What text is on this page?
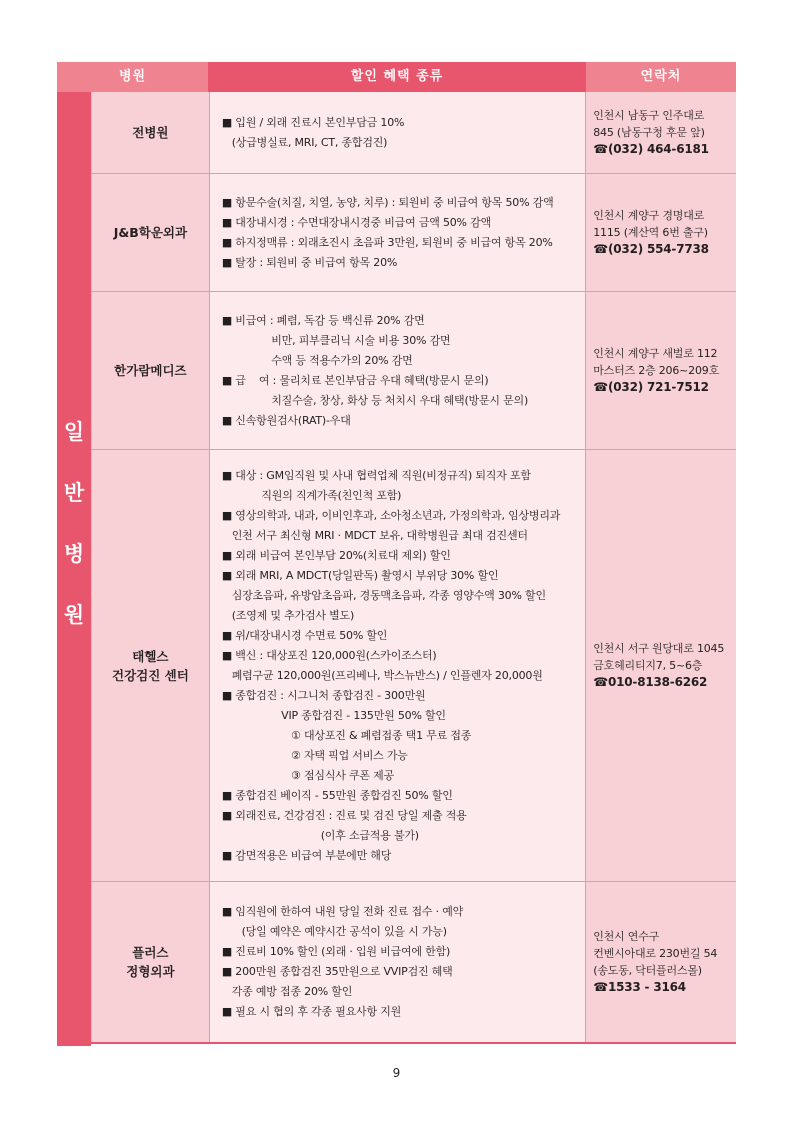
병원	할인 혜택 종류	연락처
일
반
병
원
전병원
■ 입원 / 외래 진료시 본인부담금 10%
(상급병실료, MRI, CT, 종합검진)
인천시 남동구 인주대로
845 (남동구청 후문 앞)
☎(032) 464-6181
J&B학운외과
■ 항문수술(치질, 치열, 농양, 치루) : 퇴원비 중 비급여 항목 50% 감액
■ 대장내시경 : 수면대장내시경중 비급여 금액 50% 감액
■ 하지정맥류 : 외래초진시 초음파 3만원, 퇴원비 중 비급여 항목 20%
■ 탈장 : 퇴원비 중 비급여 항목 20%
인천시 계양구 경명대로
1115 (계산역 6번 출구)
☎(032) 554-7738
한가람메디즈
■ 비급여 : 폐렴, 독감 등 백신류 20% 감면
비만, 피부클리닉 시술 비용 30% 감면
수액 등 적용수가의 20% 감면
■ 급    여 : 물리치료 본인부담금 우대 혜택(방문시 문의)
치질수술, 창상, 화상 등 처치시 우대 혜택(방문시 문의)
■ 신속항원검사(RAT)-우대
인천시 계양구 새벌로 112
마스터즈 2층 206~209호
☎(032) 721-7512
태헬스
건강검진 센터
■ 대상 : GM임직원 및 사내 협력업체 직원(비정규직) 퇴직자 포함
직원의 직계가족(친인척 포함)
■ 영상의학과, 내과, 이비인후과, 소아청소년과, 가정의학과, 임상병리과
인천 서구 최신형 MRI · MDCT 보유, 대학병원급 최대 검진센터
■ 외래 비급여 본인부담 20%(치료대 제외) 할인
■ 외래 MRI, A MDCT(당일판독) 촬영시 부위당 30% 할인
심장초음파, 유방암초음파, 경동맥초음파, 각종 영양수액 30% 할인
(조영제 및 추가검사 별도)
■ 위/대장내시경 수면료 50% 할인
■ 백신 : 대상포진 120,000원(스카이조스터)
폐렴구균 120,000원(프리베나, 박스뉴반스) / 인플렌자 20,000원
■ 종합검진 : 시그니처 종합검진 - 300만원
VIP 종합검진 - 135만원 50% 할인
① 대상포진 & 폐렴접종 택1 무료 접종
② 자택 픽업 서비스 가능
③ 점심식사 쿠폰 제공
■ 종합검진 베이직 - 55만원 종합검진 50% 할인
■ 외래진료, 건강검진 : 진료 및 검진 당일 제출 적용
(이후 소급적용 불가)
■ 감면적용은 비급여 부분에만 해당
인천시 서구 원당대로 1045
금호헤리티지7, 5~6층
☎010-8138-6262
플러스
정형외과
■ 임직원에 한하여 내원 당일 전화 진료 접수 · 예약
(당일 예약은 예약시간 공석이 있을 시 가능)
■ 진료비 10% 할인 (외래 · 입원 비급여에 한함)
■ 200만원 종합검진 35만원으로 VVIP검진 혜택
각종 예방 접종 20% 할인
■ 필요 시 협의 후 각종 필요사항 지원
인천시 연수구
컨벤시아대로 230번길 54
(송도동, 닥터플러스몰)
☎1533 - 3164
9
